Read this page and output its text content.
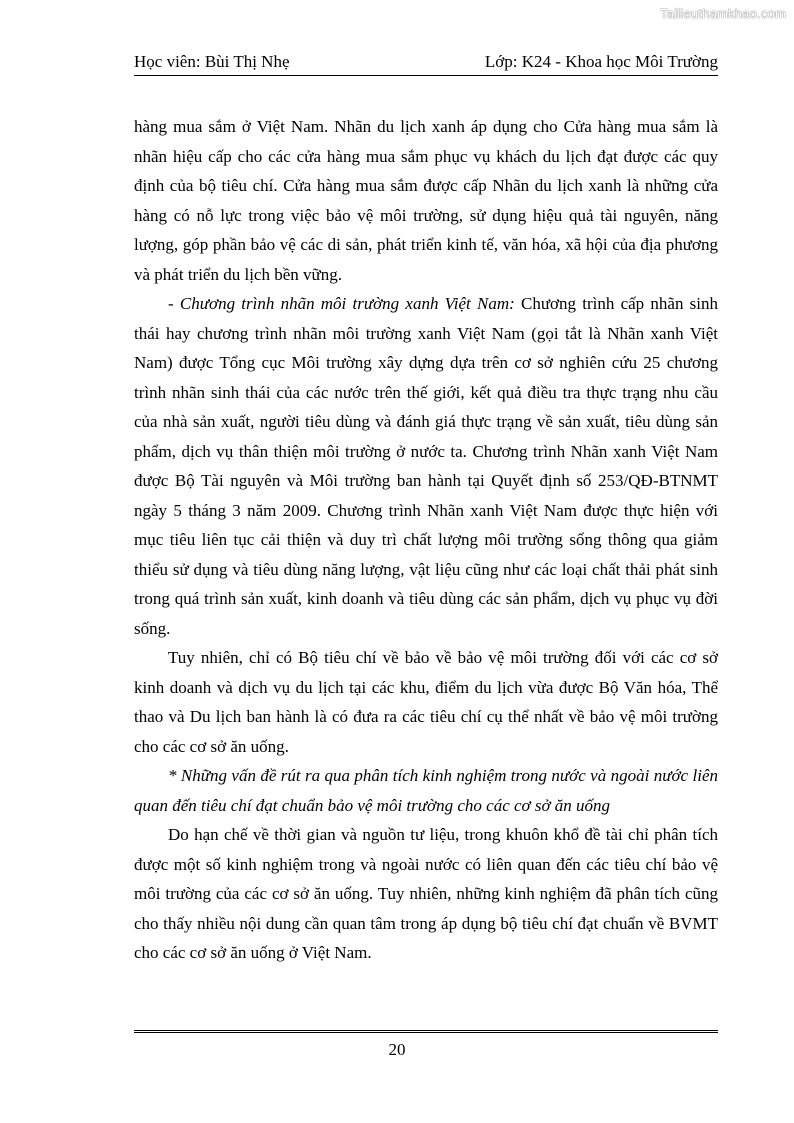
Tailieuthamkhao.com
Học viên: Bùi Thị Nhẹ	Lớp: K24 - Khoa học Môi Trường

hàng mua sắm ở Việt Nam. Nhãn du lịch xanh áp dụng cho Cửa hàng mua sắm là nhãn hiệu cấp cho các cửa hàng mua sắm phục vụ khách du lịch đạt được các quy định của bộ tiêu chí. Cửa hàng mua sắm được cấp Nhãn du lịch xanh là những cửa hàng có nỗ lực trong việc bảo vệ môi trường, sử dụng hiệu quả tài nguyên, năng lượng, góp phần bảo vệ các di sản, phát triển kinh tế, văn hóa, xã hội của địa phương và phát triển du lịch bền vững.

- Chương trình nhãn môi trường xanh Việt Nam: Chương trình cấp nhãn sinh thái hay chương trình nhãn môi trường xanh Việt Nam (gọi tắt là Nhãn xanh Việt Nam) được Tổng cục Môi trường xây dựng dựa trên cơ sở nghiên cứu 25 chương trình nhãn sinh thái của các nước trên thế giới, kết quả điều tra thực trạng nhu cầu của nhà sản xuất, người tiêu dùng và đánh giá thực trạng về sản xuất, tiêu dùng sản phẩm, dịch vụ thân thiện môi trường ở nước ta. Chương trình Nhãn xanh Việt Nam được Bộ Tài nguyên và Môi trường ban hành tại Quyết định số 253/QĐ-BTNMT ngày 5 tháng 3 năm 2009. Chương trình Nhãn xanh Việt Nam được thực hiện với mục tiêu liên tục cải thiện và duy trì chất lượng môi trường sống thông qua giảm thiểu sử dụng và tiêu dùng năng lượng, vật liệu cũng như các loại chất thải phát sinh trong quá trình sản xuất, kinh doanh và tiêu dùng các sản phẩm, dịch vụ phục vụ đời sống.

Tuy nhiên, chỉ có Bộ tiêu chí về bảo về bảo vệ môi trường đối với các cơ sở kinh doanh và dịch vụ du lịch tại các khu, điểm du lịch vừa được Bộ Văn hóa, Thể thao và Du lịch ban hành là có đưa ra các tiêu chí cụ thể nhất về bảo vệ môi trường cho các cơ sở ăn uống.

* Những vấn đề rút ra qua phân tích kinh nghiệm trong nước và ngoài nước liên quan đến tiêu chí đạt chuẩn bảo vệ môi trường cho các cơ sở ăn uống

Do hạn chế về thời gian và nguồn tư liệu, trong khuôn khổ đề tài chỉ phân tích được một số kinh nghiệm trong và ngoài nước có liên quan đến các tiêu chí bảo vệ môi trường của các cơ sở ăn uống. Tuy nhiên, những kinh nghiệm đã phân tích cũng cho thấy nhiều nội dung cần quan tâm trong áp dụng bộ tiêu chí đạt chuẩn về BVMT cho các cơ sở ăn uống ở Việt Nam.

20
